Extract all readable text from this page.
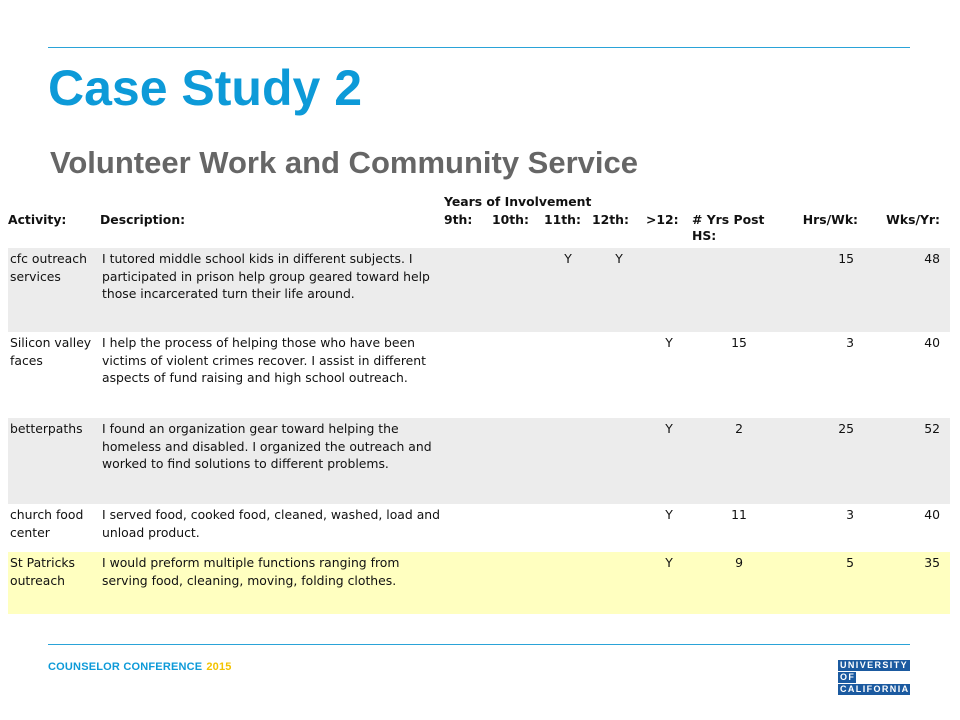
Case Study 2
Volunteer Work and Community Service
		Years of Involvement							
Activity:	Description:	9th:	10th:	11th:	12th:	>12:	# Yrs Post HS:	Hrs/Wk:	Wks/Yr:
cfc outreach services	I tutored middle school kids in different subjects. I participated in prison help group geared toward help those incarcerated turn their life around.			Y	Y			15	48
Silicon valley faces	I help the process of helping those who have been victims of violent crimes recover. I assist in different aspects of fund raising and high school outreach.					Y	15	3	40
betterpaths	I found an organization gear toward helping the homeless and disabled. I organized the outreach and worked to find solutions to different problems.					Y	2	25	52
church food center	I served food, cooked food, cleaned, washed, load and unload product.					Y	11	3	40
St Patricks outreach	I would preform multiple functions ranging from serving food, cleaning, moving, folding clothes.					Y	9	5	35
COUNSELOR CONFERENCE 2015	UNIVERSITY
OF
CALIFORNIA
